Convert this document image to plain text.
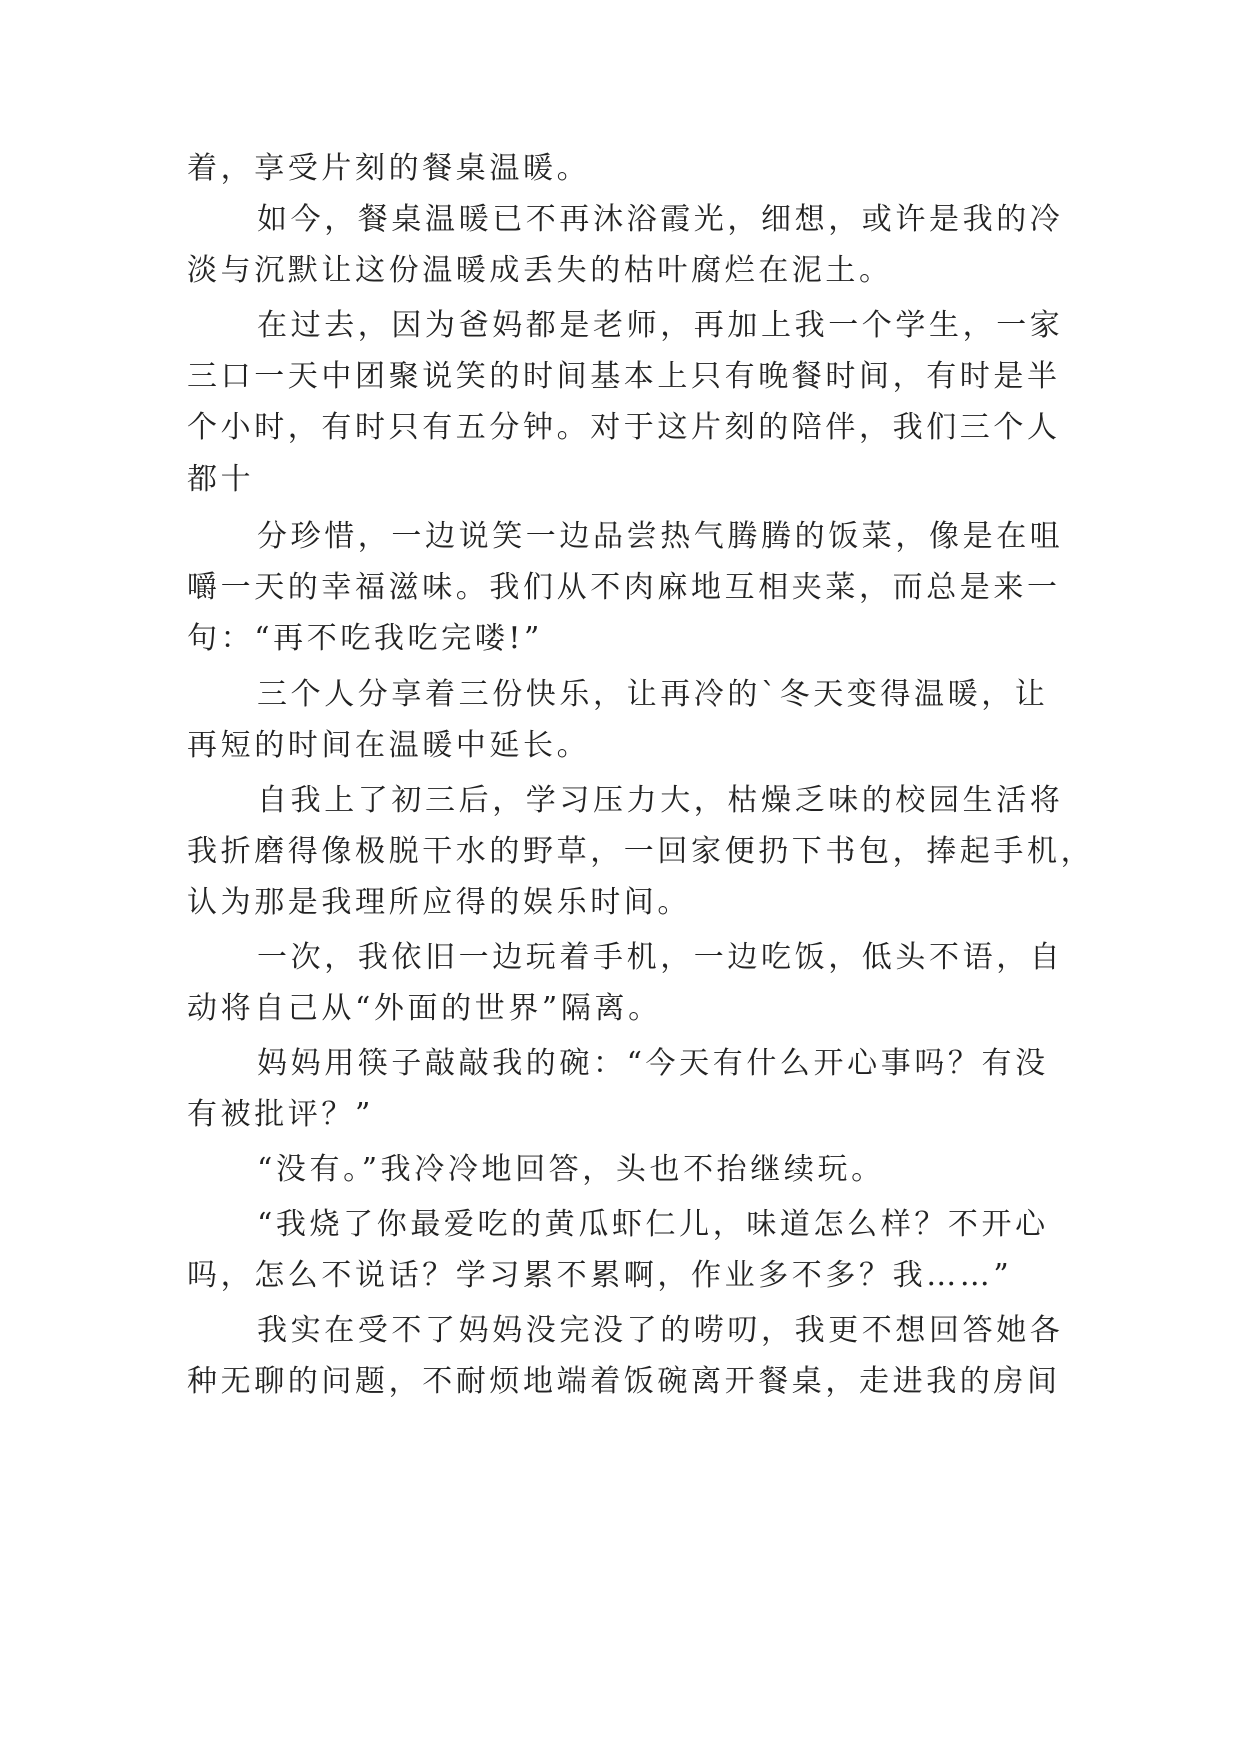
着，享受片刻的餐桌温暖。
如今，餐桌温暖已不再沐浴霞光，细想，或许是我的冷
淡与沉默让这份温暖成丢失的枯叶腐烂在泥土。
在过去，因为爸妈都是老师，再加上我一个学生，一家
三口一天中团聚说笑的时间基本上只有晚餐时间，有时是半
个小时，有时只有五分钟。对于这片刻的陪伴，我们三个人
都十
分珍惜，一边说笑一边品尝热气腾腾的饭菜，像是在咀
嚼一天的幸福滋味。我们从不肉麻地互相夹菜，而总是来一
句：“再不吃我吃完喽!”
三个人分享着三份快乐，让再冷的`冬天变得温暖，让
再短的时间在温暖中延长。
自我上了初三后，学习压力大，枯燥乏味的校园生活将
我折磨得像极脱干水的野草，一回家便扔下书包，捧起手机，
认为那是我理所应得的娱乐时间。
一次，我依旧一边玩着手机，一边吃饭，低头不语，自
动将自己从“外面的世界”隔离。
妈妈用筷子敲敲我的碗：“今天有什么开心事吗？有没
有被批评？”
“没有。”我冷冷地回答，头也不抬继续玩。
“我烧了你最爱吃的黄瓜虾仁儿，味道怎么样？不开心
吗，怎么不说话？学习累不累啊，作业多不多？我……”
我实在受不了妈妈没完没了的唠叨，我更不想回答她各
种无聊的问题，不耐烦地端着饭碗离开餐桌，走进我的房间
